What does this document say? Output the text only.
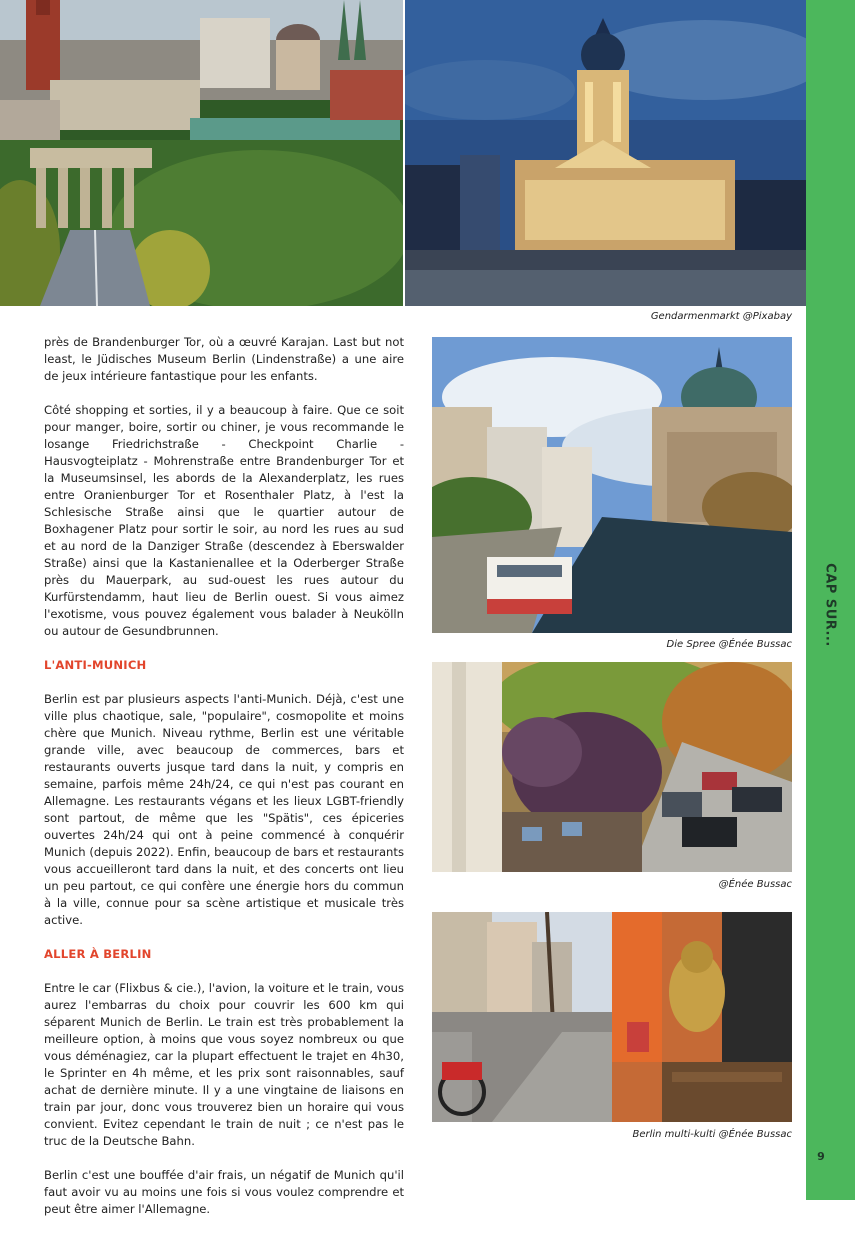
Gendarmenmarkt @Pixabay
Die Spree @Énée Bussac
@Énée Bussac
Berlin multi-kulti @Énée Bussac

près de Brandenburger Tor, où a œuvré Karajan. Last but not least, le Jüdisches Museum Berlin (Lindenstraße) a une aire de jeux intérieure fantastique pour les enfants.

Côté shopping et sorties, il y a beaucoup à faire. Que ce soit pour manger, boire, sortir ou chiner, je vous recommande le losange Friedrichstraße - Checkpoint Charlie - Hausvogteiplatz - Mohrenstraße entre Brandenburger Tor et la Museumsinsel, les abords de la Alexanderplatz, les rues entre Oranienburger Tor et Rosenthaler Platz, à l'est la Schlesische Straße ainsi que le quartier autour de Boxhagener Platz pour sortir le soir, au nord les rues au sud et au nord de la Danziger Straße (descendez à Eberswalder Straße) ainsi que la Kastanienallee et la Oderberger Straße près du Mauerpark, au sud-ouest les rues autour du Kurfürstendamm, haut lieu de Berlin ouest. Si vous aimez l'exotisme, vous pouvez également vous balader à Neukölln ou autour de Gesundbrunnen.

L'ANTI-MUNICH

Berlin est par plusieurs aspects l'anti-Munich. Déjà, c'est une ville plus chaotique, sale, "populaire", cosmopolite et moins chère que Munich. Niveau rythme, Berlin est une véritable grande ville, avec beaucoup de commerces, bars et restaurants ouverts jusque tard dans la nuit, y compris en semaine, parfois même 24h/24, ce qui n'est pas courant en Allemagne. Les restaurants végans et les lieux LGBT-friendly sont partout, de même que les "Spätis", ces épiceries ouvertes 24h/24 qui ont à peine commencé à conquérir Munich (depuis 2022). Enfin, beaucoup de bars et restaurants vous accueilleront tard dans la nuit, et des concerts ont lieu un peu partout, ce qui confère une énergie hors du commun à la ville, connue pour sa scène artistique et musicale très active.

ALLER À BERLIN

Entre le car (Flixbus & cie.), l'avion, la voiture et le train, vous aurez l'embarras du choix pour couvrir les 600 km qui séparent Munich de Berlin. Le train est très probablement la meilleure option, à moins que vous soyez nombreux ou que vous déménagiez, car la plupart effectuent le trajet en 4h30, le Sprinter en 4h même, et les prix sont raisonnables, sauf achat de dernière minute. Il y a une vingtaine de liaisons en train par jour, donc vous trouverez bien un horaire qui vous convient. Evitez cependant le train de nuit ; ce n'est pas le truc de la Deutsche Bahn.

Berlin c'est une bouffée d'air frais, un négatif de Munich qu'il faut avoir vu au moins une fois si vous voulez comprendre et peut être aimer l'Allemagne.

CAP SUR...
9
